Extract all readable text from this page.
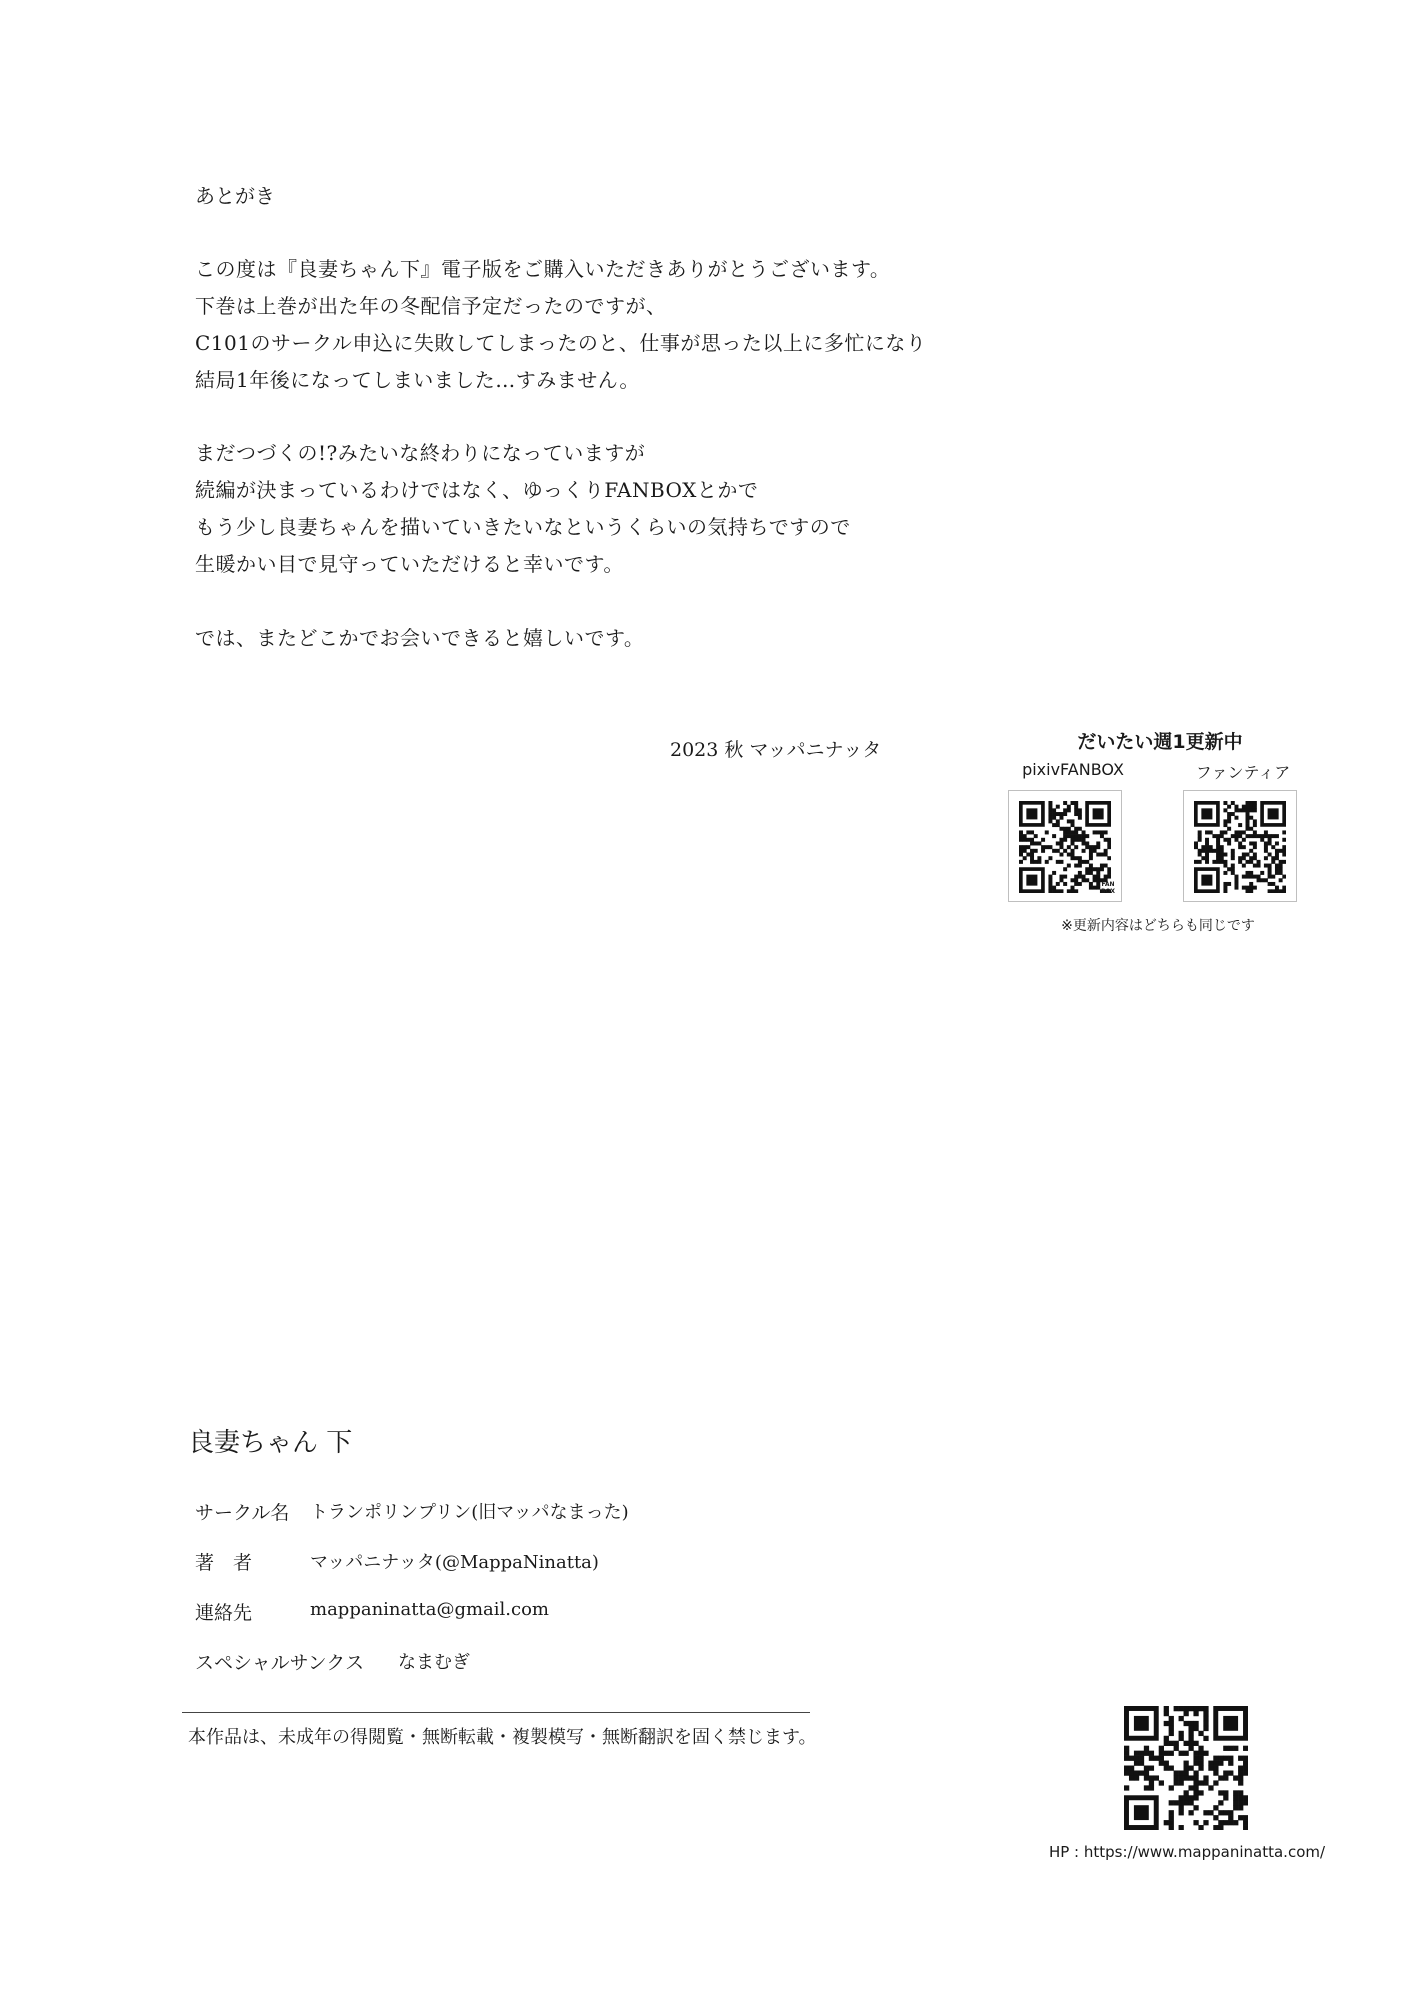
あとがき
この度は『良妻ちゃん下』電子版をご購入いただきありがとうございます。
下巻は上巻が出た年の冬配信予定だったのですが、
C101のサークル申込に失敗してしまったのと、仕事が思った以上に多忙になり
結局1年後になってしまいました…すみません。
まだつづくの!?みたいな終わりになっていますが
続編が決まっているわけではなく、ゆっくりFANBOXとかで
もう少し良妻ちゃんを描いていきたいなというくらいの気持ちですので
生暖かい目で見守っていただけると幸いです。
では、またどこかでお会いできると嬉しいです。
2023 秋 マッパニナッタ	だいたい週1更新中
pixivFANBOX	ファンティア
FAN BOX
※更新内容はどちらも同じです
良妻ちゃん 下
サークル名 トランポリンプリン(旧マッパなまった)
著　者	マッパニナッタ(@MappaNinatta)
連絡先	mappaninatta@gmail.com
スペシャルサンクス なまむぎ
本作品は、未成年の得閲覧・無断転載・複製模写・無断翻訳を固く禁じます。
HP : https://www.mappaninatta.com/
